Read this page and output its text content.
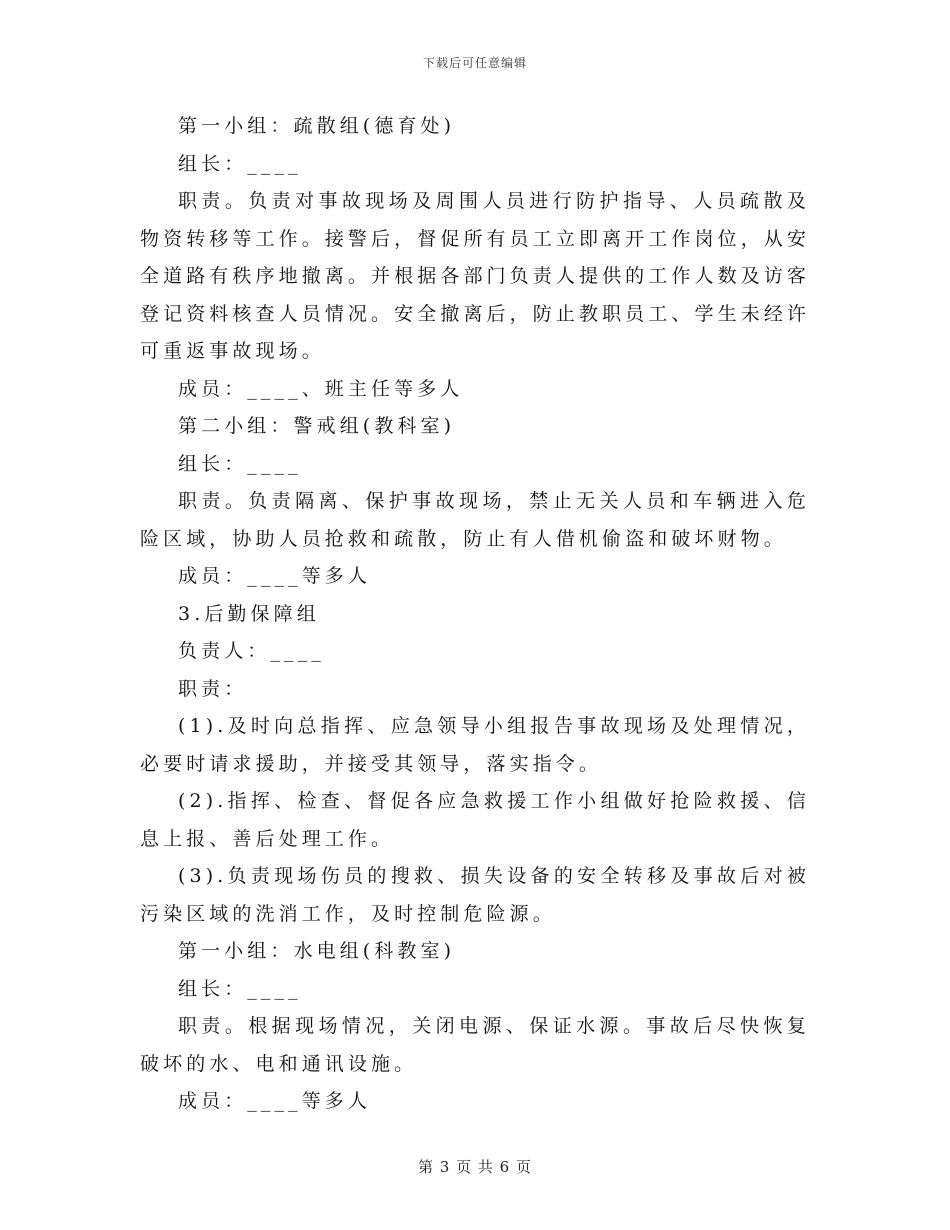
下载后可任意编辑

第一小组：疏散组(德育处)

组长：____

职责。负责对事故现场及周围人员进行防护指导、人员疏散及物资转移等工作。接警后，督促所有员工立即离开工作岗位，从安全道路有秩序地撤离。并根据各部门负责人提供的工作人数及访客登记资料核查人员情况。安全撤离后，防止教职员工、学生未经许可重返事故现场。

成员：____、班主任等多人

第二小组：警戒组(教科室)

组长：____

职责。负责隔离、保护事故现场，禁止无关人员和车辆进入危险区域，协助人员抢救和疏散，防止有人借机偷盗和破坏财物。

成员：____等多人

3.后勤保障组

负责人：____

职责：

(1).及时向总指挥、应急领导小组报告事故现场及处理情况，必要时请求援助，并接受其领导，落实指令。

(2).指挥、检查、督促各应急救援工作小组做好抢险救援、信息上报、善后处理工作。

(3).负责现场伤员的搜救、损失设备的安全转移及事故后对被污染区域的洗消工作，及时控制危险源。

第一小组：水电组(科教室)

组长：____

职责。根据现场情况，关闭电源、保证水源。事故后尽快恢复破坏的水、电和通讯设施。

成员：____等多人

第 3 页 共 6 页
